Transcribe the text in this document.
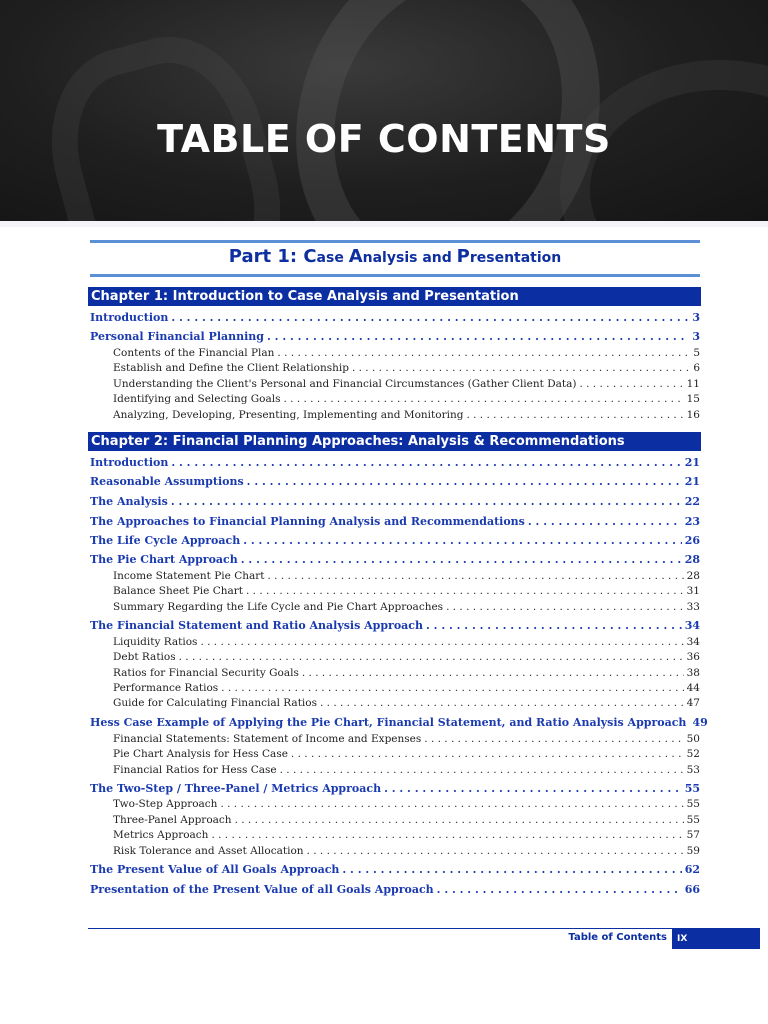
TABLE OF CONTENTS
Part 1: Case Analysis and Presentation
Chapter 1: Introduction to Case Analysis and Presentation
Introduction . . .	3
Personal Financial Planning . . .	3
Contents of the Financial Plan . . .	5
Establish and Define the Client Relationship . . .	6
Understanding the Client's Personal and Financial Circumstances (Gather Client Data) . . .	11
Identifying and Selecting Goals . . .	15
Analyzing, Developing, Presenting, Implementing and Monitoring . . .	16
Chapter 2: Financial Planning Approaches: Analysis & Recommendations
Introduction . . .	21
Reasonable Assumptions . . .	21
The Analysis . . .	22
The Approaches to Financial Planning Analysis and Recommendations . . .	23
The Life Cycle Approach . . .	26
The Pie Chart Approach . . .	28
Income Statement Pie Chart . . .	28
Balance Sheet Pie Chart . . .	31
Summary Regarding the Life Cycle and Pie Chart Approaches . . .	33
The Financial Statement and Ratio Analysis Approach . . .	34
Liquidity Ratios . . .	34
Debt Ratios . . .	36
Ratios for Financial Security Goals . . .	38
Performance Ratios . . .	44
Guide for Calculating Financial Ratios . . .	47
Hess Case Example of Applying the Pie Chart, Financial Statement, and Ratio Analysis Approach 49
Financial Statements: Statement of Income and Expenses . . .	50
Pie Chart Analysis for Hess Case . . .	52
Financial Ratios for Hess Case . . .	53
The Two-Step / Three-Panel / Metrics Approach . . .	55
Two-Step Approach . . .	55
Three-Panel Approach . . .	55
Metrics Approach . . .	57
Risk Tolerance and Asset Allocation . . .	59
The Present Value of All Goals Approach . . .	62
Presentation of the Present Value of all Goals Approach . . .	66
Table of Contents	IX
